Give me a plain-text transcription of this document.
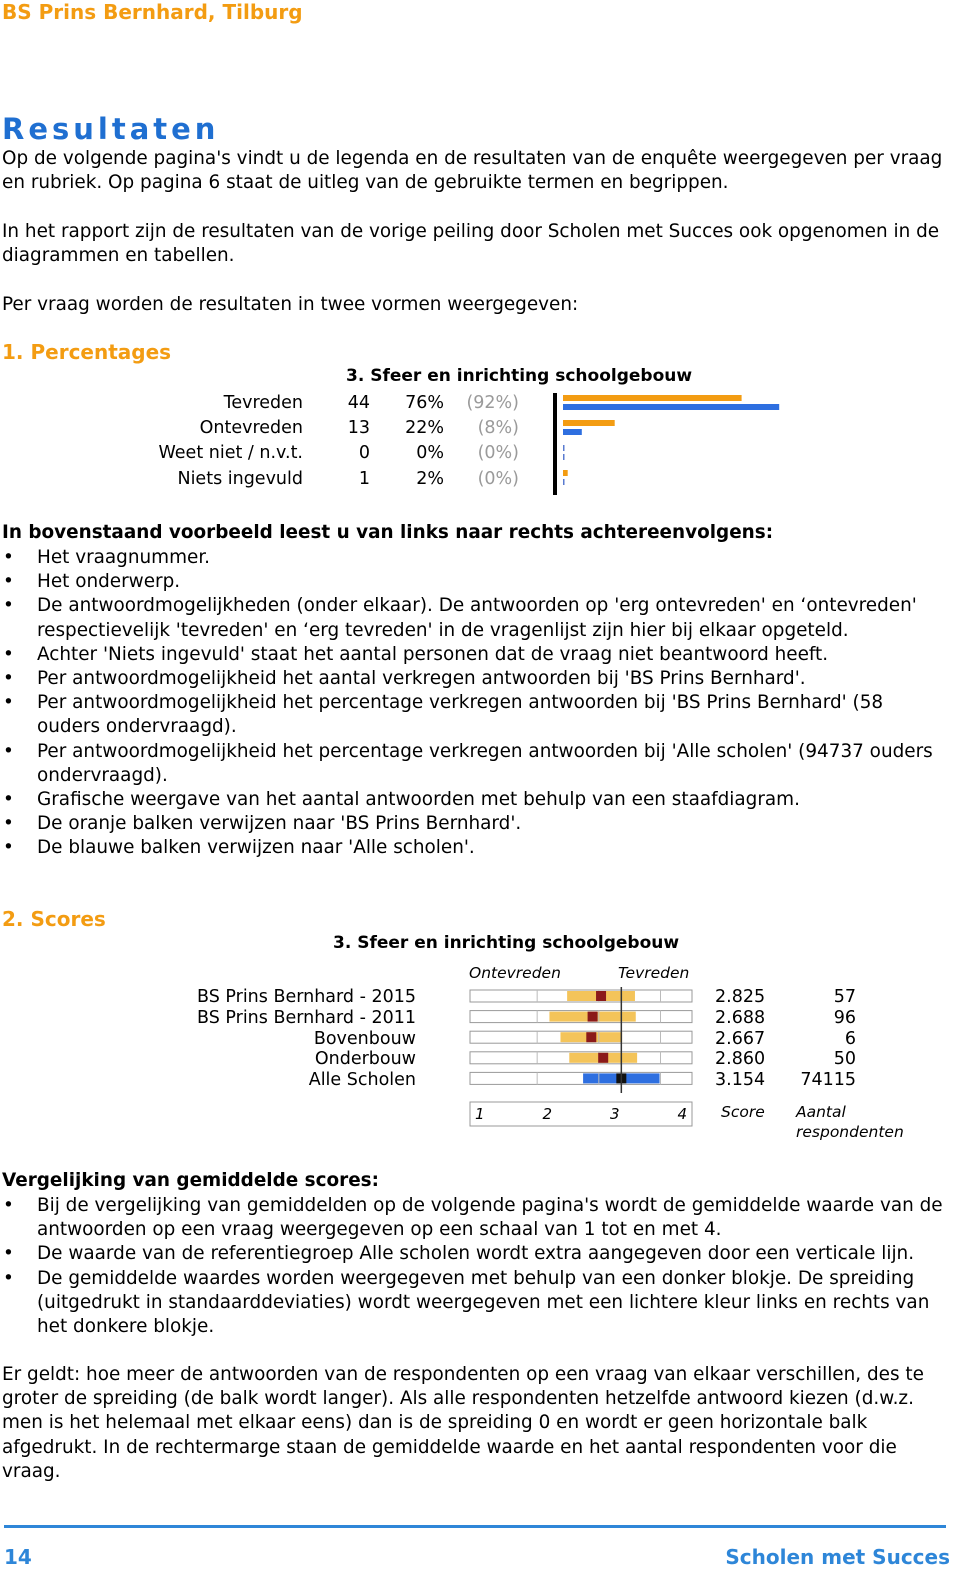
BS Prins Bernhard, Tilburg
Resultaten
Op de volgende pagina's vindt u de legenda en de resultaten van de enquête weergegeven per vraag en rubriek. Op pagina 6 staat de uitleg van de gebruikte termen en begrippen.
In het rapport zijn de resultaten van de vorige peiling door Scholen met Succes ook opgenomen in de diagrammen en tabellen.
Per vraag worden de resultaten in twee vormen weergegeven:
1. Percentages
3. Sfeer en inrichting schoolgebouw
Tevreden	44	76%	(92%)
Ontevreden	13	22%	(8%)
Weet niet / n.v.t.	0	0%	(0%)
Niets ingevuld	1	2%	(0%)
In bovenstaand voorbeeld leest u van links naar rechts achtereenvolgens:
• Het vraagnummer.
• Het onderwerp.
• De antwoordmogelijkheden (onder elkaar). De antwoorden op 'erg ontevreden' en ‘ontevreden' respectievelijk 'tevreden' en ‘erg tevreden' in de vragenlijst zijn hier bij elkaar opgeteld.
• Achter 'Niets ingevuld' staat het aantal personen dat de vraag niet beantwoord heeft.
• Per antwoordmogelijkheid het aantal verkregen antwoorden bij 'BS Prins Bernhard'.
• Per antwoordmogelijkheid het percentage verkregen antwoorden bij 'BS Prins Bernhard' (58 ouders ondervraagd).
• Per antwoordmogelijkheid het percentage verkregen antwoorden bij 'Alle scholen' (94737 ouders ondervraagd).
• Grafische weergave van het aantal antwoorden met behulp van een staafdiagram.
• De oranje balken verwijzen naar 'BS Prins Bernhard'.
• De blauwe balken verwijzen naar 'Alle scholen'.
2. Scores
3. Sfeer en inrichting schoolgebouw
Ontevreden	Tevreden
BS Prins Bernhard - 2015	2.825	57
BS Prins Bernhard - 2011	2.688	96
Bovenbouw	2.667	6
Onderbouw	2.860	50
Alle Scholen	3.154	74115
1	2	3	4 Score Aantal
respondenten
Vergelijking van gemiddelde scores:
• Bij de vergelijking van gemiddelden op de volgende pagina's wordt de gemiddelde waarde van de antwoorden op een vraag weergegeven op een schaal van 1 tot en met 4.
• De waarde van de referentiegroep Alle scholen wordt extra aangegeven door een verticale lijn.
• De gemiddelde waardes worden weergegeven met behulp van een donker blokje. De spreiding (uitgedrukt in standaarddeviaties) wordt weergegeven met een lichtere kleur links en rechts van het donkere blokje.
Er geldt: hoe meer de antwoorden van de respondenten op een vraag van elkaar verschillen, des te groter de spreiding (de balk wordt langer). Als alle respondenten hetzelfde antwoord kiezen (d.w.z. men is het helemaal met elkaar eens) dan is de spreiding 0 en wordt er geen horizontale balk afgedrukt. In de rechtermarge staan de gemiddelde waarde en het aantal respondenten voor die vraag.
14	Scholen met Succes
